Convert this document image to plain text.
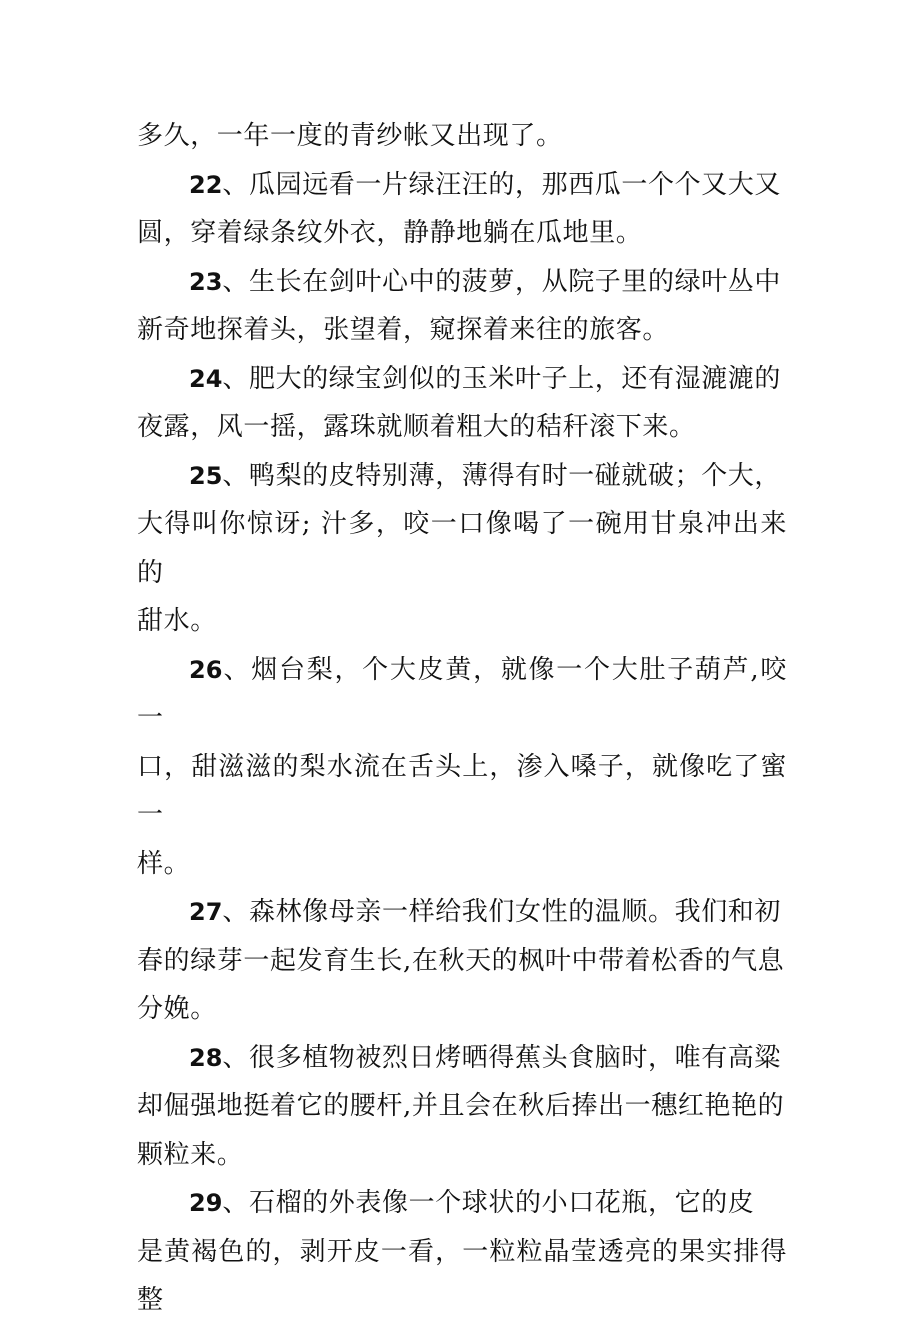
多久，一年一度的青纱帐又出现了。

22、瓜园远看一片绿汪汪的，那西瓜一个个又大又
圆，穿着绿条纹外衣，静静地躺在瓜地里。

23、生长在剑叶心中的菠萝，从院子里的绿叶丛中
新奇地探着头，张望着，窥探着来往的旅客。

24、肥大的绿宝剑似的玉米叶子上，还有湿漉漉的
夜露，风一摇，露珠就顺着粗大的秸秆滚下来。

25、鸭梨的皮特别薄，薄得有时一碰就破；个大，
大得叫你惊讶; 汁多，咬一口像喝了一碗用甘泉冲出来的
甜水。

26、烟台梨，个大皮黄，就像一个大肚子葫芦,咬一
口，甜滋滋的梨水流在舌头上，渗入嗓子，就像吃了蜜一
样。

27、森林像母亲一样给我们女性的温顺。我们和初
春的绿芽一起发育生长,在秋天的枫叶中带着松香的气息
分娩。

28、很多植物被烈日烤晒得蕉头食脑时，唯有高粱
却倔强地挺着它的腰杆,并且会在秋后捧出一穗红艳艳的
颗粒来。

29、石榴的外表像一个球状的小口花瓶，它的皮
是黄褐色的，剥开皮一看，一粒粒晶莹透亮的果实排得整
